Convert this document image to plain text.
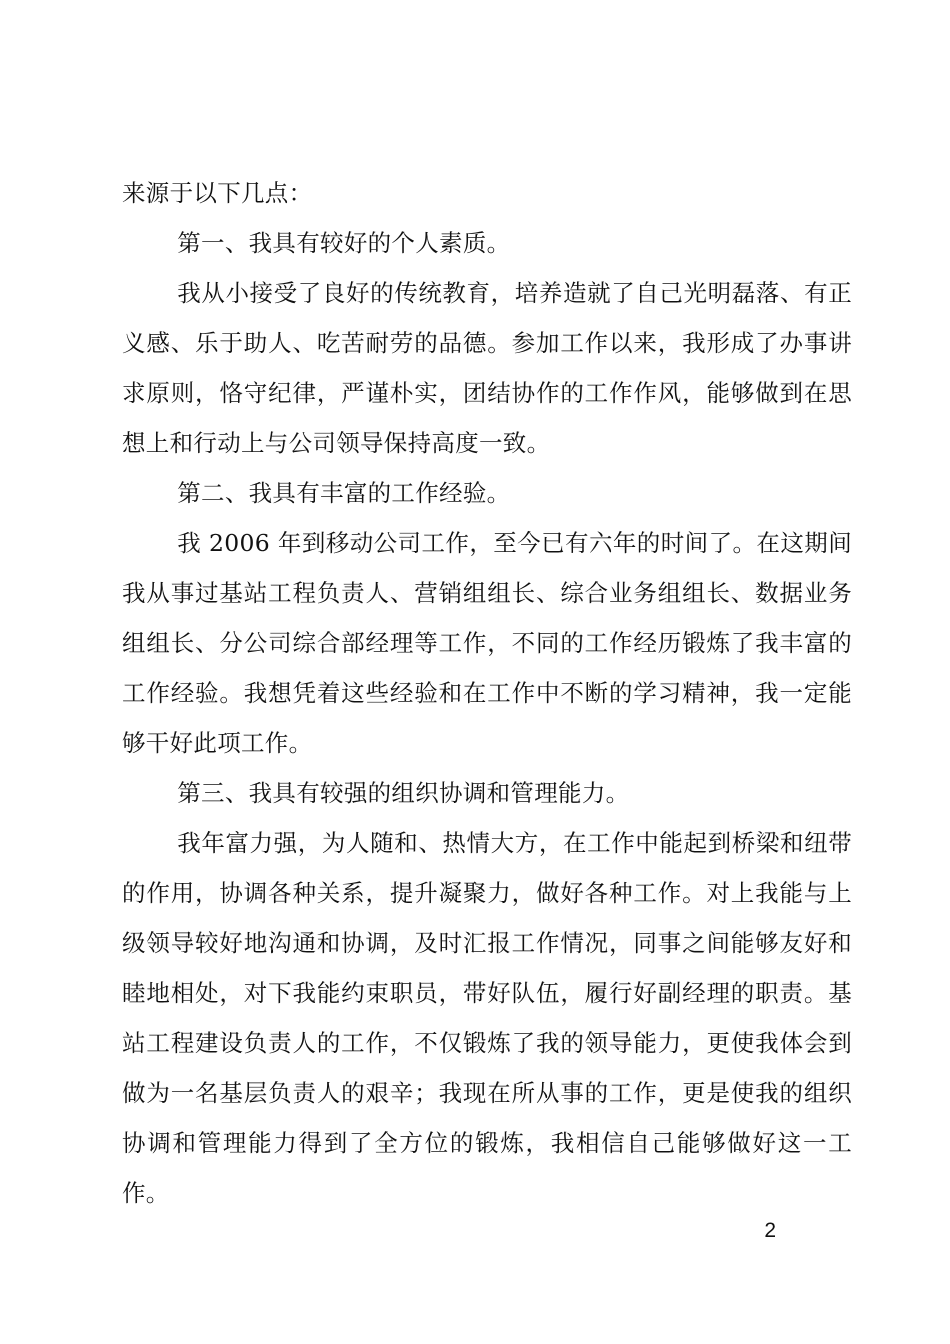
来源于以下几点：

第一、我具有较好的个人素质。

我从小接受了良好的传统教育，培养造就了自己光明磊落、有正义感、乐于助人、吃苦耐劳的品德。参加工作以来，我形成了办事讲求原则，恪守纪律，严谨朴实，团结协作的工作作风，能够做到在思想上和行动上与公司领导保持高度一致。

第二、我具有丰富的工作经验。

我 2006 年到移动公司工作，至今已有六年的时间了。在这期间我从事过基站工程负责人、营销组组长、综合业务组组长、数据业务组组长、分公司综合部经理等工作，不同的工作经历锻炼了我丰富的工作经验。我想凭着这些经验和在工作中不断的学习精神，我一定能够干好此项工作。

第三、我具有较强的组织协调和管理能力。

我年富力强，为人随和、热情大方，在工作中能起到桥梁和纽带的作用，协调各种关系，提升凝聚力，做好各种工作。对上我能与上级领导较好地沟通和协调，及时汇报工作情况，同事之间能够友好和睦地相处，对下我能约束职员，带好队伍，履行好副经理的职责。基站工程建设负责人的工作，不仅锻炼了我的领导能力，更使我体会到做为一名基层负责人的艰辛；我现在所从事的工作，更是使我的组织协调和管理能力得到了全方位的锻炼，我相信自己能够做好这一工作。

2
